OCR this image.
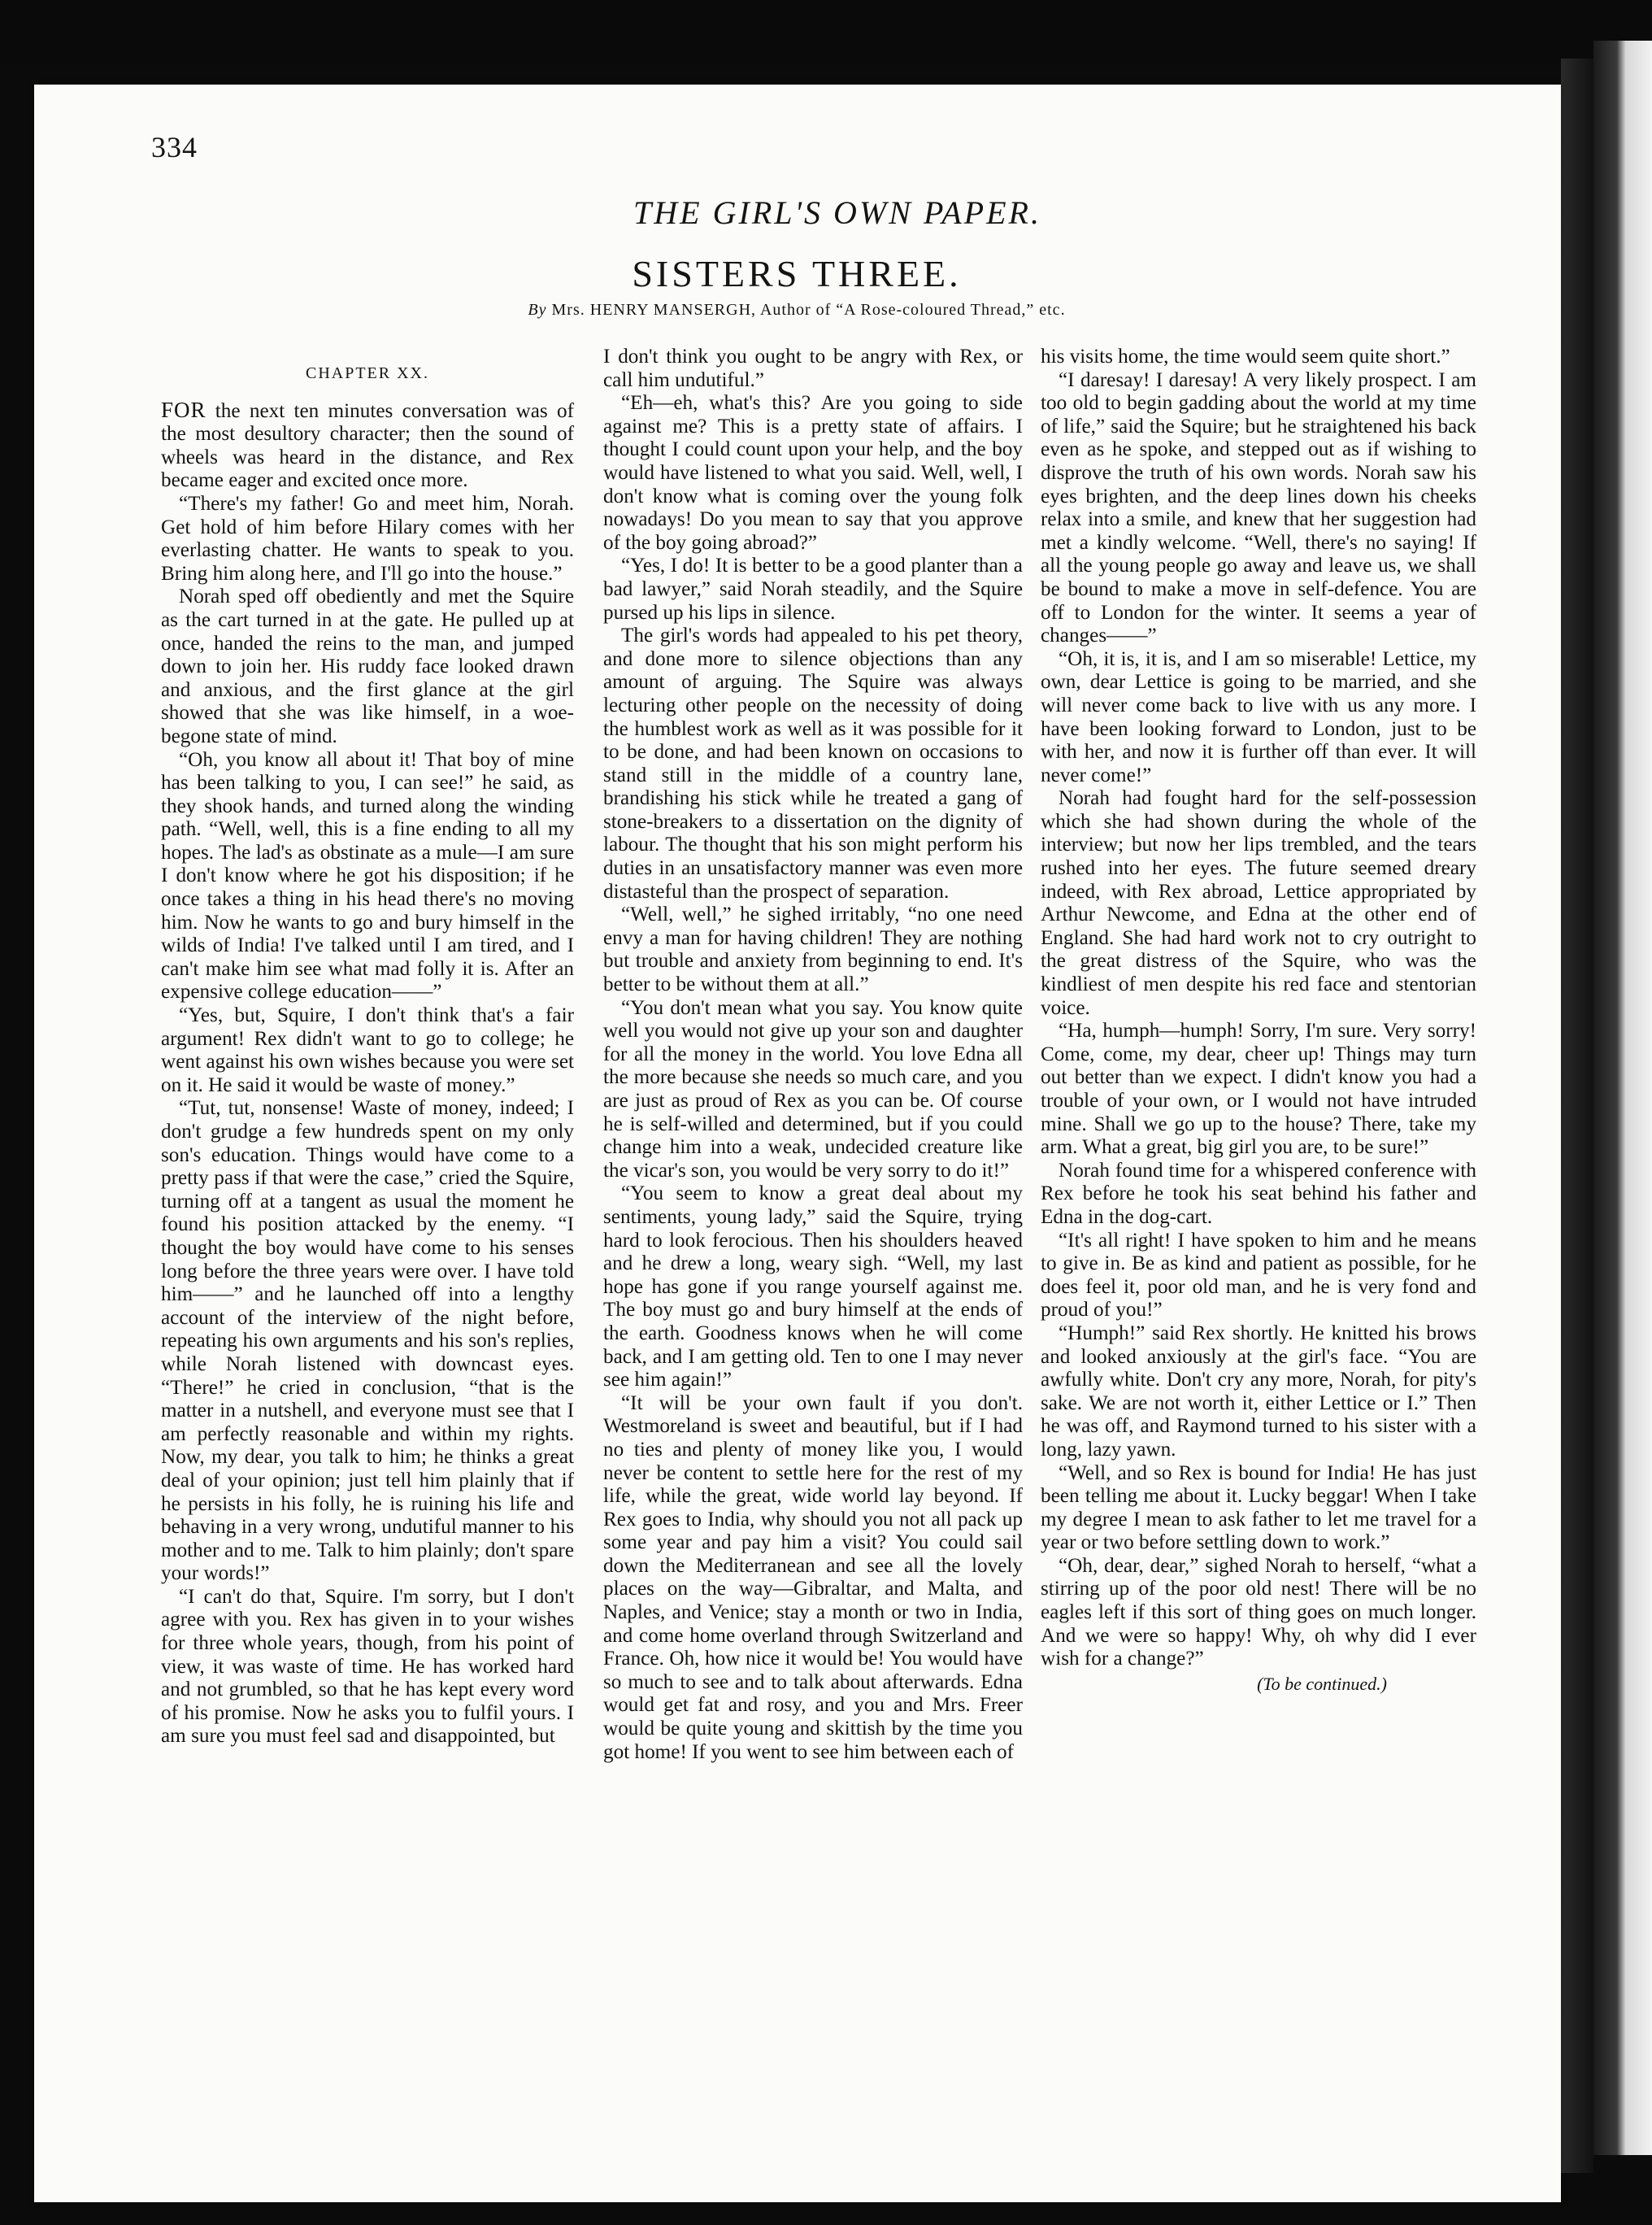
334
THE GIRL'S OWN PAPER.
SISTERS THREE.
By Mrs. HENRY MANSERGH, Author of “A Rose-coloured Thread,” etc.
CHAPTER XX.

FOR the next ten minutes conversation was of the most desultory character; then the sound of wheels was heard in the distance, and Rex became eager and excited once more.

“There's my father! Go and meet him, Norah. Get hold of him before Hilary comes with her everlasting chatter. He wants to speak to you. Bring him along here, and I'll go into the house.”

Norah sped off obediently and met the Squire as the cart turned in at the gate. He pulled up at once, handed the reins to the man, and jumped down to join her. His ruddy face looked drawn and anxious, and the first glance at the girl showed that she was like himself, in a woe-begone state of mind.

“Oh, you know all about it! That boy of mine has been talking to you, I can see!” he said, as they shook hands, and turned along the winding path. “Well, well, this is a fine ending to all my hopes. The lad's as obstinate as a mule—I am sure I don't know where he got his disposition; if he once takes a thing in his head there's no moving him. Now he wants to go and bury himself in the wilds of India! I've talked until I am tired, and I can't make him see what mad folly it is. After an expensive college education——”

“Yes, but, Squire, I don't think that's a fair argument! Rex didn't want to go to college; he went against his own wishes because you were set on it. He said it would be waste of money.”

“Tut, tut, nonsense! Waste of money, indeed; I don't grudge a few hundreds spent on my only son's education. Things would have come to a pretty pass if that were the case,” cried the Squire, turning off at a tangent as usual the moment he found his position attacked by the enemy. “I thought the boy would have come to his senses long before the three years were over. I have told him——” and he launched off into a lengthy account of the interview of the night before, repeating his own arguments and his son's replies, while Norah listened with downcast eyes. “There!” he cried in conclusion, “that is the matter in a nutshell, and everyone must see that I am perfectly reasonable and within my rights. Now, my dear, you talk to him; he thinks a great deal of your opinion; just tell him plainly that if he persists in his folly, he is ruining his life and behaving in a very wrong, undutiful manner to his mother and to me. Talk to him plainly; don't spare your words!”

“I can't do that, Squire. I'm sorry, but I don't agree with you. Rex has given in to your wishes for three whole years, though, from his point of view, it was waste of time. He has worked hard and not grumbled, so that he has kept every word of his promise. Now he asks you to fulfil yours. I am sure you must feel sad and disappointed, but

I don't think you ought to be angry with Rex, or call him undutiful.”

“Eh—eh, what's this? Are you going to side against me? This is a pretty state of affairs. I thought I could count upon your help, and the boy would have listened to what you said. Well, well, I don't know what is coming over the young folk nowadays! Do you mean to say that you approve of the boy going abroad?”

“Yes, I do! It is better to be a good planter than a bad lawyer,” said Norah steadily, and the Squire pursed up his lips in silence.

The girl's words had appealed to his pet theory, and done more to silence objections than any amount of arguing. The Squire was always lecturing other people on the necessity of doing the humblest work as well as it was possible for it to be done, and had been known on occasions to stand still in the middle of a country lane, brandishing his stick while he treated a gang of stone-breakers to a dissertation on the dignity of labour. The thought that his son might perform his duties in an unsatisfactory manner was even more distasteful than the prospect of separation.

“Well, well,” he sighed irritably, “no one need envy a man for having children! They are nothing but trouble and anxiety from beginning to end. It's better to be without them at all.”

“You don't mean what you say. You know quite well you would not give up your son and daughter for all the money in the world. You love Edna all the more because she needs so much care, and you are just as proud of Rex as you can be. Of course he is self-willed and determined, but if you could change him into a weak, undecided creature like the vicar's son, you would be very sorry to do it!”

“You seem to know a great deal about my sentiments, young lady,” said the Squire, trying hard to look ferocious. Then his shoulders heaved and he drew a long, weary sigh. “Well, my last hope has gone if you range yourself against me. The boy must go and bury himself at the ends of the earth. Goodness knows when he will come back, and I am getting old. Ten to one I may never see him again!”

“It will be your own fault if you don't. Westmoreland is sweet and beautiful, but if I had no ties and plenty of money like you, I would never be content to settle here for the rest of my life, while the great, wide world lay beyond. If Rex goes to India, why should you not all pack up some year and pay him a visit? You could sail down the Mediterranean and see all the lovely places on the way—Gibraltar, and Malta, and Naples, and Venice; stay a month or two in India, and come home overland through Switzerland and France. Oh, how nice it would be! You would have so much to see and to talk about afterwards. Edna would get fat and rosy, and you and Mrs. Freer would be quite young and skittish by the time you got home! If you went to see him between each of

his visits home, the time would seem quite short.”

“I daresay! I daresay! A very likely prospect. I am too old to begin gadding about the world at my time of life,” said the Squire; but he straightened his back even as he spoke, and stepped out as if wishing to disprove the truth of his own words. Norah saw his eyes brighten, and the deep lines down his cheeks relax into a smile, and knew that her suggestion had met a kindly welcome. “Well, there's no saying! If all the young people go away and leave us, we shall be bound to make a move in self-defence. You are off to London for the winter. It seems a year of changes——”

“Oh, it is, it is, and I am so miserable! Lettice, my own, dear Lettice is going to be married, and she will never come back to live with us any more. I have been looking forward to London, just to be with her, and now it is further off than ever. It will never come!”

Norah had fought hard for the self-possession which she had shown during the whole of the interview; but now her lips trembled, and the tears rushed into her eyes. The future seemed dreary indeed, with Rex abroad, Lettice appropriated by Arthur Newcome, and Edna at the other end of England. She had hard work not to cry outright to the great distress of the Squire, who was the kindliest of men despite his red face and stentorian voice.

“Ha, humph—humph! Sorry, I'm sure. Very sorry! Come, come, my dear, cheer up! Things may turn out better than we expect. I didn't know you had a trouble of your own, or I would not have intruded mine. Shall we go up to the house? There, take my arm. What a great, big girl you are, to be sure!”

Norah found time for a whispered conference with Rex before he took his seat behind his father and Edna in the dog-cart.

“It's all right! I have spoken to him and he means to give in. Be as kind and patient as possible, for he does feel it, poor old man, and he is very fond and proud of you!”

“Humph!” said Rex shortly. He knitted his brows and looked anxiously at the girl's face. “You are awfully white. Don't cry any more, Norah, for pity's sake. We are not worth it, either Lettice or I.” Then he was off, and Raymond turned to his sister with a long, lazy yawn.

“Well, and so Rex is bound for India! He has just been telling me about it. Lucky beggar! When I take my degree I mean to ask father to let me travel for a year or two before settling down to work.”

“Oh, dear, dear,” sighed Norah to herself, “what a stirring up of the poor old nest! There will be no eagles left if this sort of thing goes on much longer. And we were so happy! Why, oh why did I ever wish for a change?”

(To be continued.)
